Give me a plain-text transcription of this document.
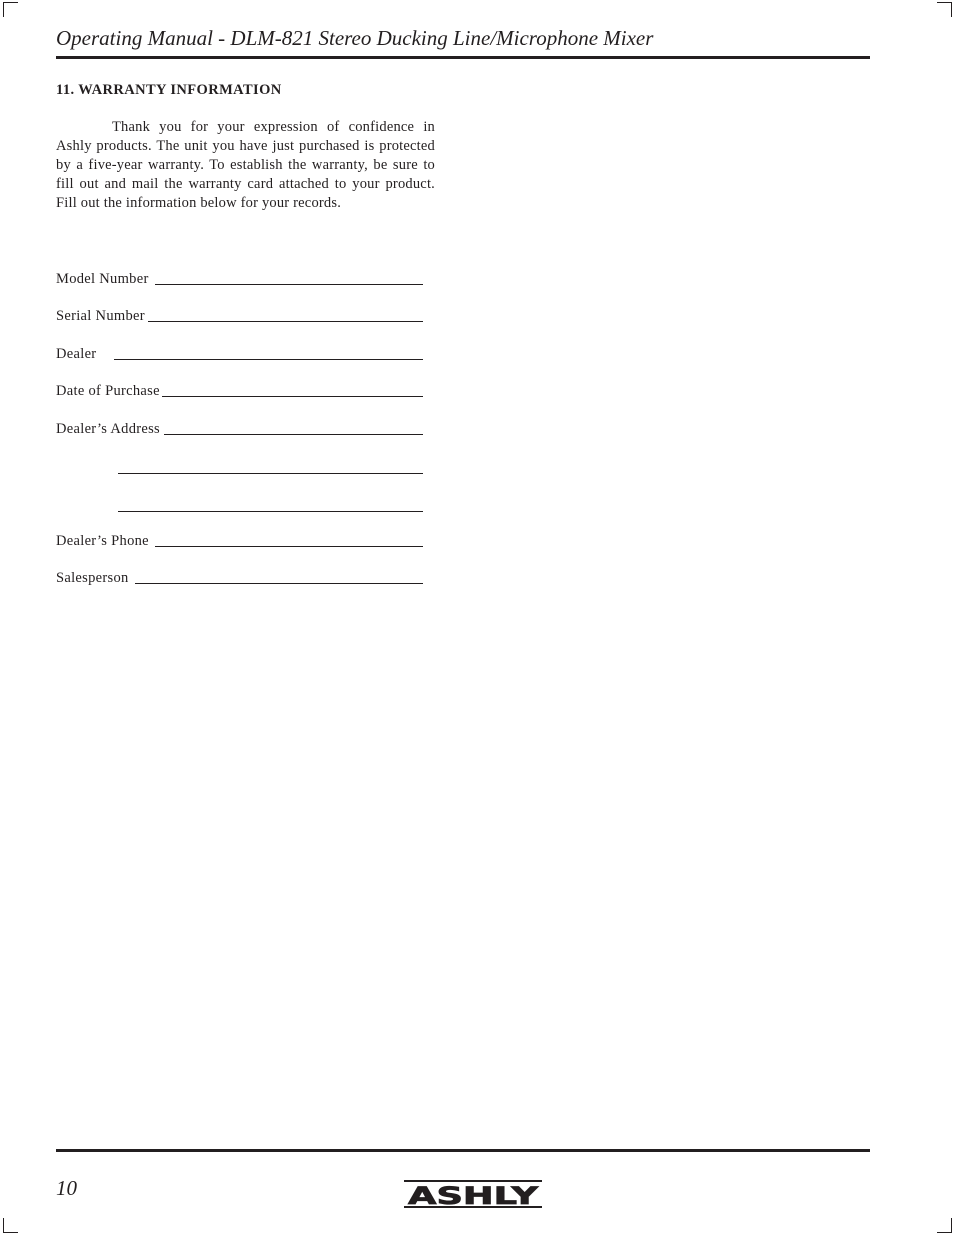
Operating Manual - DLM-821 Stereo Ducking Line/Microphone Mixer
11. WARRANTY INFORMATION

Thank you for your expression of confidence in Ashly products. The unit you have just purchased is protected by a five-year warranty. To establish the warranty, be sure to fill out and mail the warranty card attached to your product. Fill out the information below for your records.

Model Number
Serial Number
Dealer
Date of Purchase
Dealer’s Address
Dealer’s Phone
Salesperson

10	ASHLY
